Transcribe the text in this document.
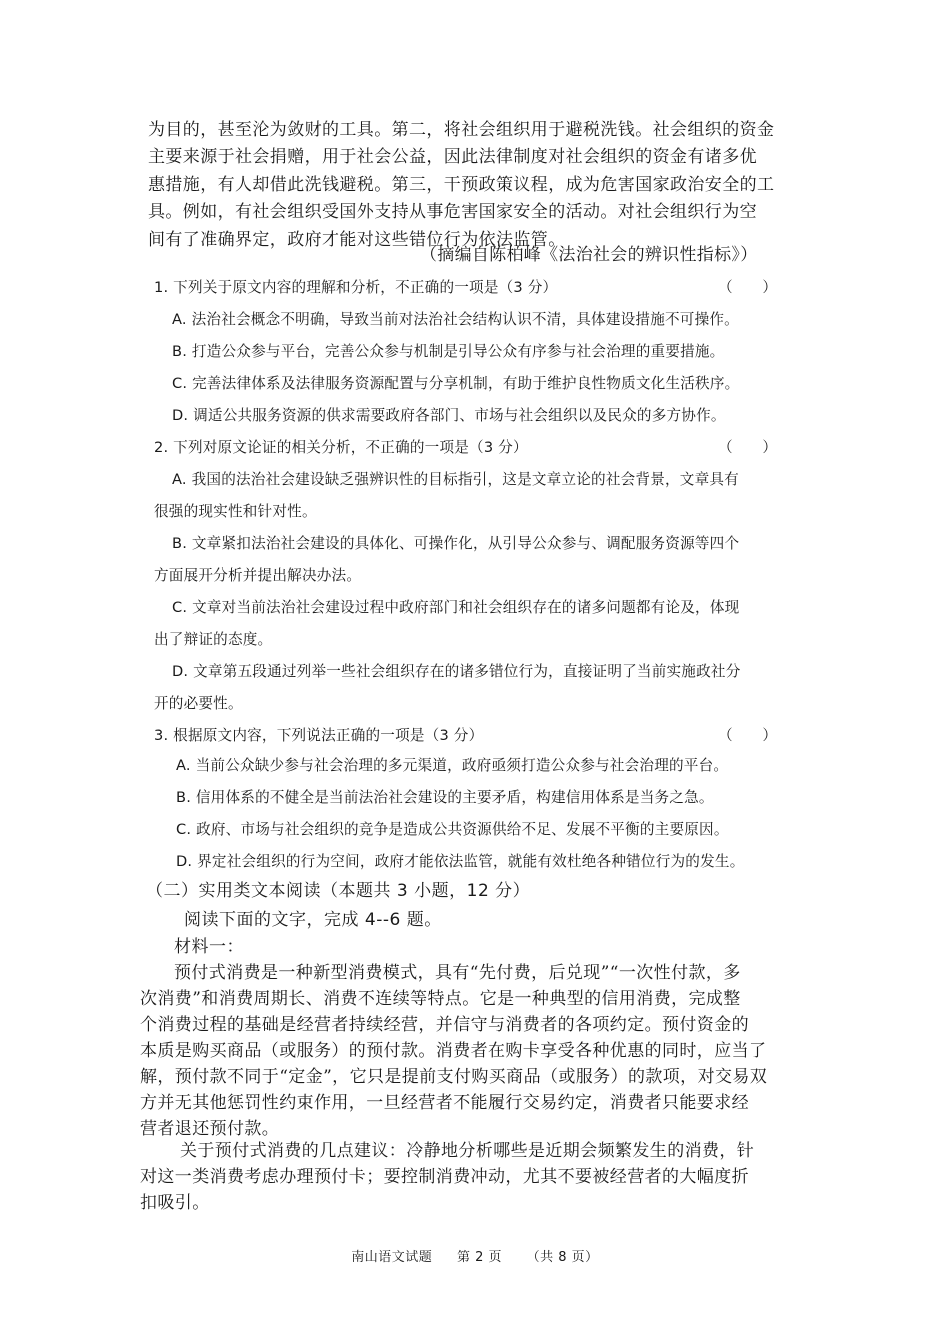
为目的，甚至沦为敛财的工具。第二，将社会组织用于避税洗钱。社会组织的资金

主要来源于社会捐赠，用于社会公益，因此法律制度对社会组织的资金有诸多优

惠措施，有人却借此洗钱避税。第三，干预政策议程，成为危害国家政治安全的工

具。例如，有社会组织受国外支持从事危害国家安全的活动。对社会组织行为空

间有了准确界定，政府才能对这些错位行为依法监管。

（摘编自陈柏峰《法治社会的辨识性指标》）
1. 下列关于原文内容的理解和分析，不正确的一项是（3 分）	（　　）
A. 法治社会概念不明确，导致当前对法治社会结构认识不清，具体建设措施不可操作。
B. 打造公众参与平台，完善公众参与机制是引导公众有序参与社会治理的重要措施。
C. 完善法律体系及法律服务资源配置与分享机制，有助于维护良性物质文化生活秩序。
D. 调适公共服务资源的供求需要政府各部门、市场与社会组织以及民众的多方协作。
2. 下列对原文论证的相关分析，不正确的一项是（3 分）	（　　）
A. 我国的法治社会建设缺乏强辨识性的目标指引，这是文章立论的社会背景，文章具有
很强的现实性和针对性。
B. 文章紧扣法治社会建设的具体化、可操作化，从引导公众参与、调配服务资源等四个
方面展开分析并提出解决办法。
C. 文章对当前法治社会建设过程中政府部门和社会组织存在的诸多问题都有论及，体现
出了辩证的态度。
D. 文章第五段通过列举一些社会组织存在的诸多错位行为，直接证明了当前实施政社分
开的必要性。
3. 根据原文内容，下列说法正确的一项是（3 分）	（　　）
A. 当前公众缺少参与社会治理的多元渠道，政府亟须打造公众参与社会治理的平台。
B. 信用体系的不健全是当前法治社会建设的主要矛盾，构建信用体系是当务之急。
C. 政府、市场与社会组织的竞争是造成公共资源供给不足、发展不平衡的主要原因。
D. 界定社会组织的行为空间，政府才能依法监管，就能有效杜绝各种错位行为的发生。
（二）实用类文本阅读（本题共 3 小题，12 分）
阅读下面的文字，完成 4--6 题。
材料一：

预付式消费是一种新型消费模式，具有“先付费，后兑现”“一次性付款，多

次消费”和消费周期长、消费不连续等特点。它是一种典型的信用消费，完成整

个消费过程的基础是经营者持续经营，并信守与消费者的各项约定。预付资金的

本质是购买商品（或服务）的预付款。消费者在购卡享受各种优惠的同时，应当了

解，预付款不同于“定金”，它只是提前支付购买商品（或服务）的款项，对交易双

方并无其他惩罚性约束作用，一旦经营者不能履行交易约定，消费者只能要求经

营者退还预付款。

关于预付式消费的几点建议：冷静地分析哪些是近期会频繁发生的消费，针

对这一类消费考虑办理预付卡；要控制消费冲动，尤其不要被经营者的大幅度折

扣吸引。

南山语文试题 第 2 页 （共 8 页）
